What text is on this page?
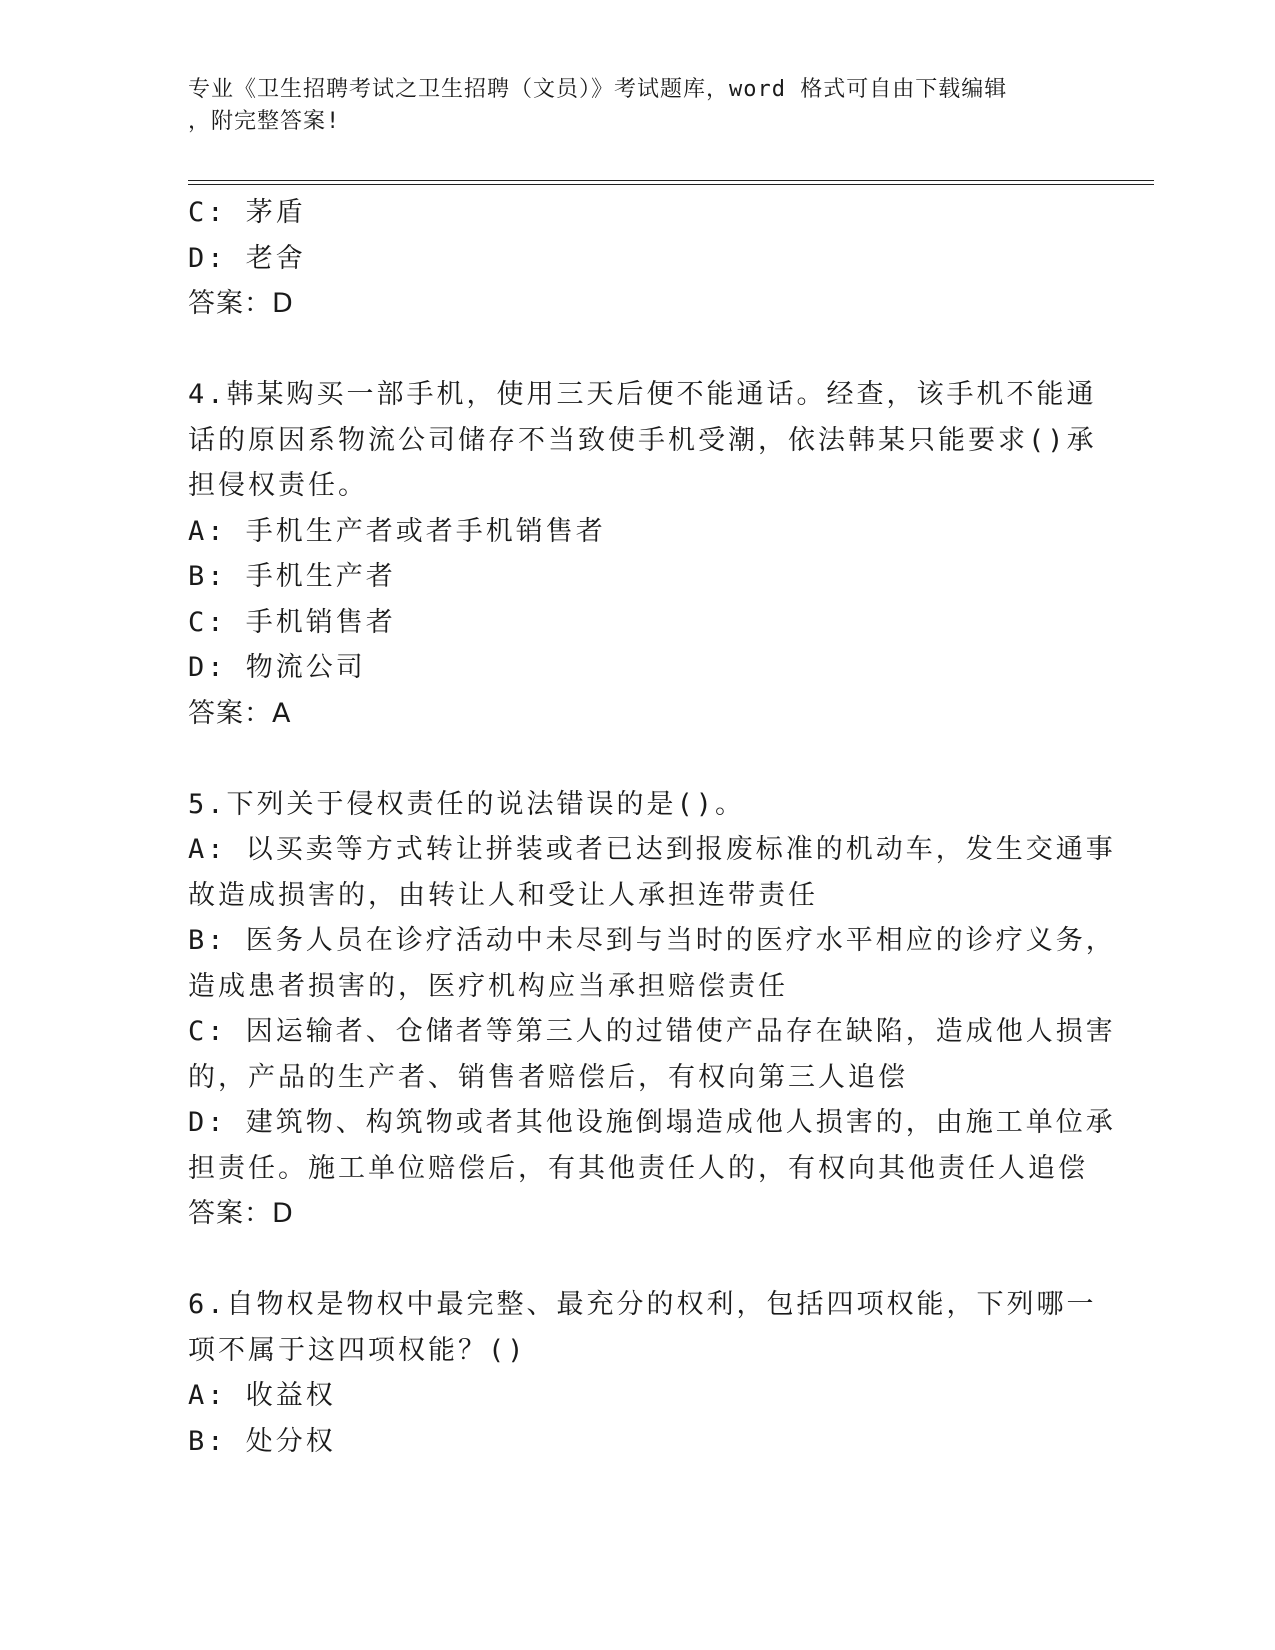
专业《卫生招聘考试之卫生招聘（文员）》考试题库，word 格式可自由下载编辑
，附完整答案!

C: 茅盾

D: 老舍

答案：D

4.韩某购买一部手机，使用三天后便不能通话。经查，该手机不能通

话的原因系物流公司储存不当致使手机受潮，依法韩某只能要求()承

担侵权责任。

A: 手机生产者或者手机销售者

B: 手机生产者

C: 手机销售者

D: 物流公司

答案：A

5.下列关于侵权责任的说法错误的是()。

A: 以买卖等方式转让拼装或者已达到报废标准的机动车，发生交通事

故造成损害的，由转让人和受让人承担连带责任

B: 医务人员在诊疗活动中未尽到与当时的医疗水平相应的诊疗义务，

造成患者损害的，医疗机构应当承担赔偿责任

C: 因运输者、仓储者等第三人的过错使产品存在缺陷，造成他人损害

的，产品的生产者、销售者赔偿后，有权向第三人追偿

D: 建筑物、构筑物或者其他设施倒塌造成他人损害的，由施工单位承

担责任。施工单位赔偿后，有其他责任人的，有权向其他责任人追偿

答案：D

6.自物权是物权中最完整、最充分的权利，包括四项权能，下列哪一

项不属于这四项权能？()

A: 收益权

B: 处分权
